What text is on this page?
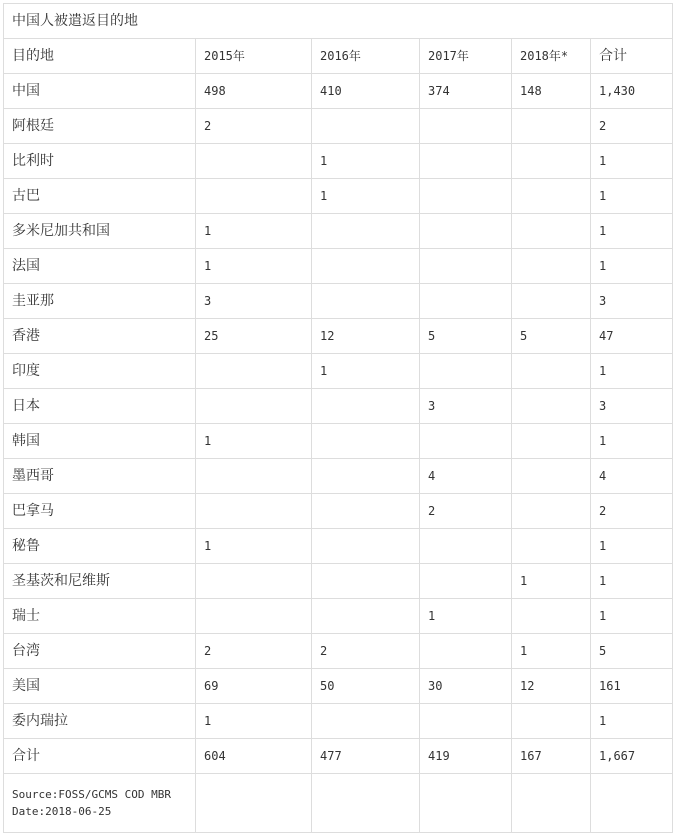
中国人被遣返目的地					
目的地	2015年	2016年	2017年	2018年*	合计
中国	498	410	374	148	1,430
阿根廷	2				2
比利时		1			1
古巴		1			1
多米尼加共和国	1				1
法国	1				1
圭亚那	3				3
香港	25	12	5	5	47
印度		1			1
日本			3		3
韩国	1				1
墨西哥			4		4
巴拿马			2		2
秘鲁	1				1
圣基茨和尼维斯				1	1
瑞士			1		1
台湾	2	2		1	5
美国	69	50	30	12	161
委内瑞拉	1				1
合计	604	477	419	167	1,667

Source:FOSS/GCMS COD MBR
Date:2018-06-25					
